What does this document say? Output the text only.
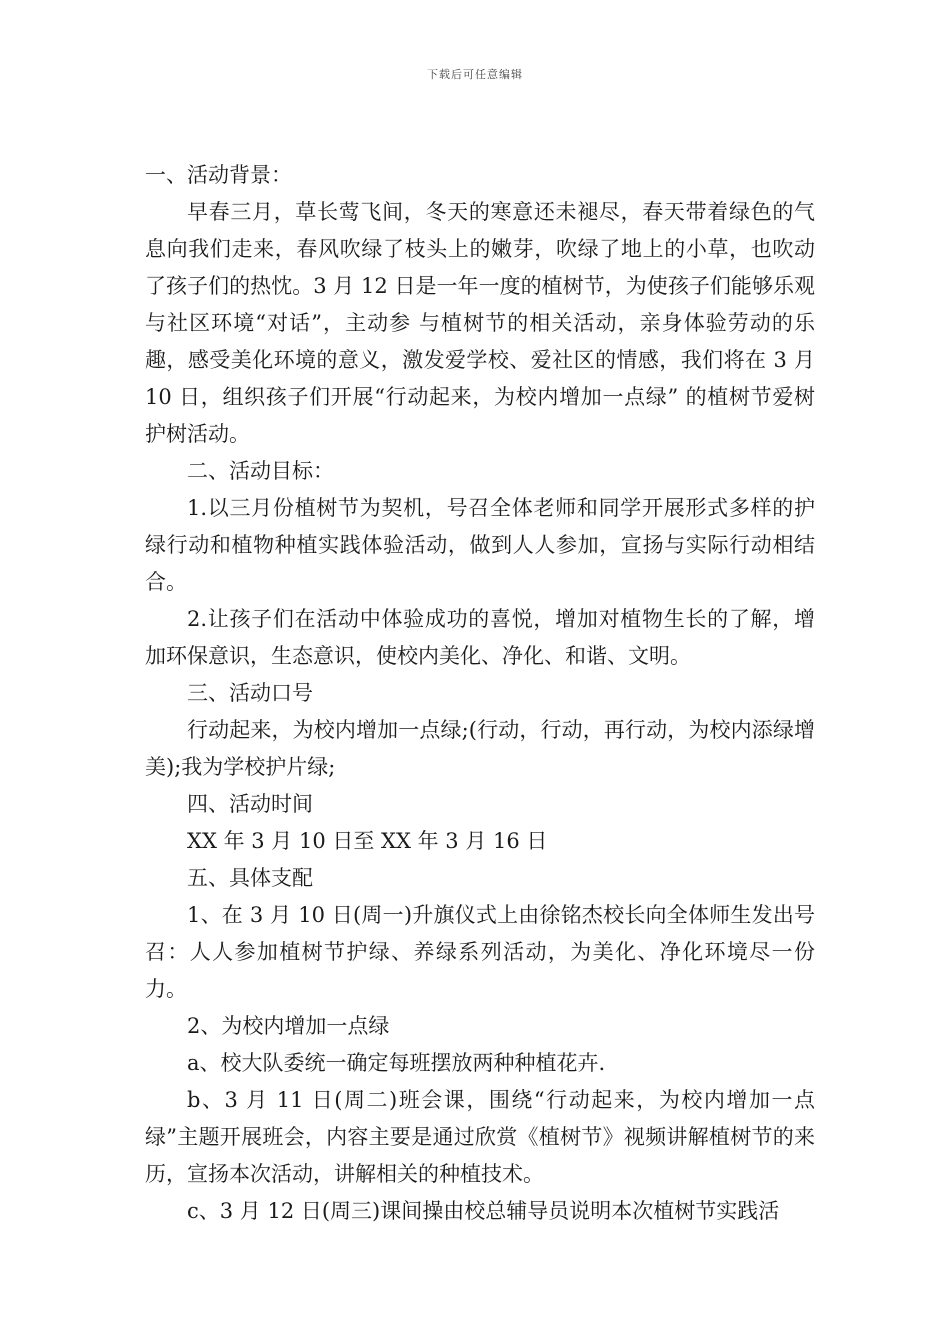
下载后可任意编辑

一、活动背景：

早春三月，草长莺飞间，冬天的寒意还未褪尽，春天带着绿色的气息向我们走来，春风吹绿了枝头上的嫩芽，吹绿了地上的小草，也吹动了孩子们的热忱。3 月 12 日是一年一度的植树节，为使孩子们能够乐观与社区环境“对话”，主动参 与植树节的相关活动，亲身体验劳动的乐趣，感受美化环境的意义，激发爱学校、爱社区的情感，我们将在 3 月 10 日，组织孩子们开展“行动起来，为校内增加一点绿” 的植树节爱树护树活动。

二、活动目标：

1.以三月份植树节为契机，号召全体老师和同学开展形式多样的护绿行动和植物种植实践体验活动，做到人人参加，宣扬与实际行动相结合。

2.让孩子们在活动中体验成功的喜悦，增加对植物生长的了解，增加环保意识，生态意识，使校内美化、净化、和谐、文明。

三、活动口号

行动起来，为校内增加一点绿;(行动，行动，再行动，为校内添绿增美);我为学校护片绿;

四、活动时间

XX 年 3 月 10 日至 XX 年 3 月 16 日

五、具体支配

1、在 3 月 10 日(周一)升旗仪式上由徐铭杰校长向全体师生发出号召：人人参加植树节护绿、养绿系列活动，为美化、净化环境尽一份力。

2、为校内增加一点绿

a、校大队委统一确定每班摆放两种种植花卉.

b、3 月 11 日(周二)班会课，围绕“行动起来，为校内增加一点绿”主题开展班会，内容主要是通过欣赏《植树节》视频讲解植树节的来历，宣扬本次活动，讲解相关的种植技术。

c、3 月 12 日(周三)课间操由校总辅导员说明本次植树节实践活
